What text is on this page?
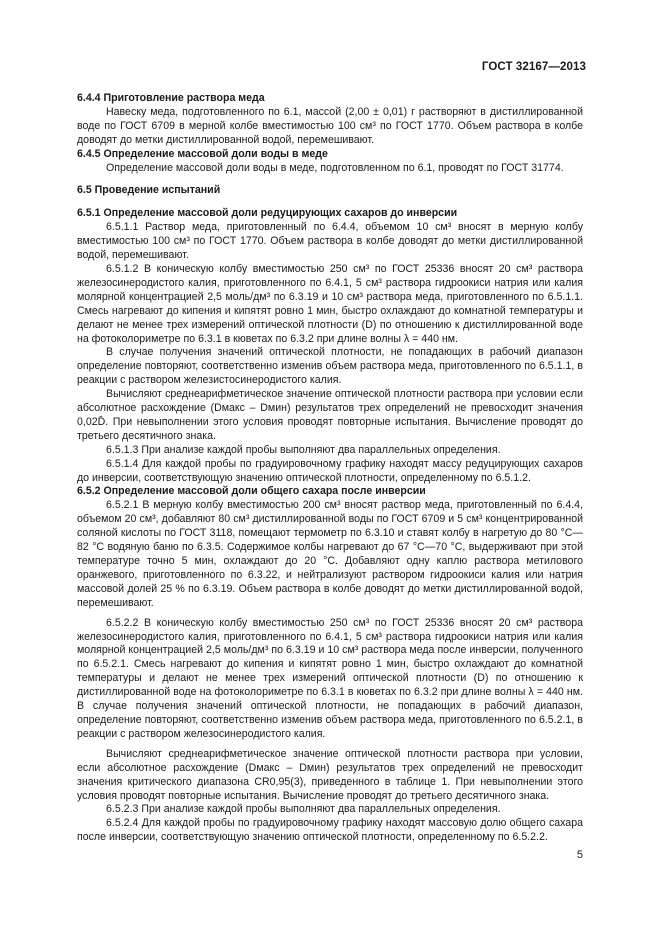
ГОСТ 32167—2013

6.4.4 Приготовление раствора меда

Навеску меда, подготовленного по 6.1, массой (2,00 ± 0,01) г растворяют в дистиллированной воде по ГОСТ 6709 в мерной колбе вместимостью 100 см³ по ГОСТ 1770. Объем раствора в колбе доводят до метки дистиллированной водой, перемешивают.

6.4.5 Определение массовой доли воды в меде

Определение массовой доли воды в меде, подготовленном по 6.1, проводят по ГОСТ 31774.

6.5 Проведение испытаний

6.5.1 Определение массовой доли редуцирующих сахаров до инверсии

6.5.1.1 Раствор меда, приготовленный по 6.4.4, объемом 10 см³ вносят в мерную колбу вместимостью 100 см³ по ГОСТ 1770. Объем раствора в колбе доводят до метки дистиллированной водой, перемешивают.

6.5.1.2 В коническую колбу вместимостью 250 см³ по ГОСТ 25336 вносят 20 см³ раствора железосинеродистого калия, приготовленного по 6.4.1, 5 см³ раствора гидроокиси натрия или калия молярной концентрацией 2,5 моль/дм³ по 6.3.19 и 10 см³ раствора меда, приготовленного по 6.5.1.1. Смесь нагревают до кипения и кипятят ровно 1 мин, быстро охлаждают до комнатной температуры и делают не менее трех измерений оптической плотности (D) по отношению к дистиллированной воде на фотоколориметре по 6.3.1 в кюветах по 6.3.2 при длине волны λ = 440 нм.

В случае получения значений оптической плотности, не попадающих в рабочий диапазон определение повторяют, соответственно изменив объем раствора меда, приготовленного по 6.5.1.1, в реакции с раствором железистосинеродистого калия.

Вычисляют среднеарифметическое значение оптической плотности раствора при условии если абсолютное расхождение (Dмакс – Dмин) результатов трех определений не превосходит значения 0,02D̄. При невыполнении этого условия проводят повторные испытания. Вычисление проводят до третьего десятичного знака.

6.5.1.3 При анализе каждой пробы выполняют два параллельных определения.

6.5.1.4 Для каждой пробы по градуировочному графику находят массу редуцирующих сахаров до инверсии, соответствующую значению оптической плотности, определенному по 6.5.1.2.

6.5.2 Определение массовой доли общего сахара после инверсии

6.5.2.1 В мерную колбу вместимостью 200 см³ вносят раствор меда, приготовленный по 6.4.4, объемом 20 см³, добавляют 80 см³ дистиллированной воды по ГОСТ 6709 и 5 см³ концентрированной соляной кислоты по ГОСТ 3118, помещают термометр по 6.3.10 и ставят колбу в нагретую до 80 °С—82 °С водяную баню по 6.3.5. Содержимое колбы нагревают до 67 °С—70 °С, выдерживают при этой температуре точно 5 мин, охлаждают до 20 °С. Добавляют одну каплю раствора метилового оранжевого, приготовленного по 6.3.22, и нейтрализуют раствором гидроокиси калия или натрия массовой долей 25 % по 6.3.19. Объем раствора в колбе доводят до метки дистиллированной водой, перемешивают.

6.5.2.2 В коническую колбу вместимостью 250 см³ по ГОСТ 25336 вносят 20 см³ раствора железосинеродистого калия, приготовленного по 6.4.1, 5 см³ раствора гидроокиси натрия или калия молярной концентрацией 2,5 моль/дм³ по 6.3.19 и 10 см³ раствора меда после инверсии, полученного по 6.5.2.1. Смесь нагревают до кипения и кипятят ровно 1 мин, быстро охлаждают до комнатной температуры и делают не менее трех измерений оптической плотности (D) по отношению к дистиллированной воде на фотоколориметре по 6.3.1 в кюветах по 6.3.2 при длине волны λ = 440 нм. В случае получения значений оптической плотности, не попадающих в рабочий диапазон, определение повторяют, соответственно изменив объем раствора меда, приготовленного по 6.5.2.1, в реакции с раствором железосинеродистого калия.

Вычисляют среднеарифметическое значение оптической плотности раствора при условии, если абсолютное расхождение (Dмакс – Dмин) результатов трех определений не превосходит значения критического диапазона CR0,95(3), приведенного в таблице 1. При невыполнении этого условия проводят повторные испытания. Вычисление проводят до третьего десятичного знака.

6.5.2.3 При анализе каждой пробы выполняют два параллельных определения.

6.5.2.4 Для каждой пробы по градуировочному графику находят массовую долю общего сахара после инверсии, соответствующую значению оптической плотности, определенному по 6.5.2.2.

5
